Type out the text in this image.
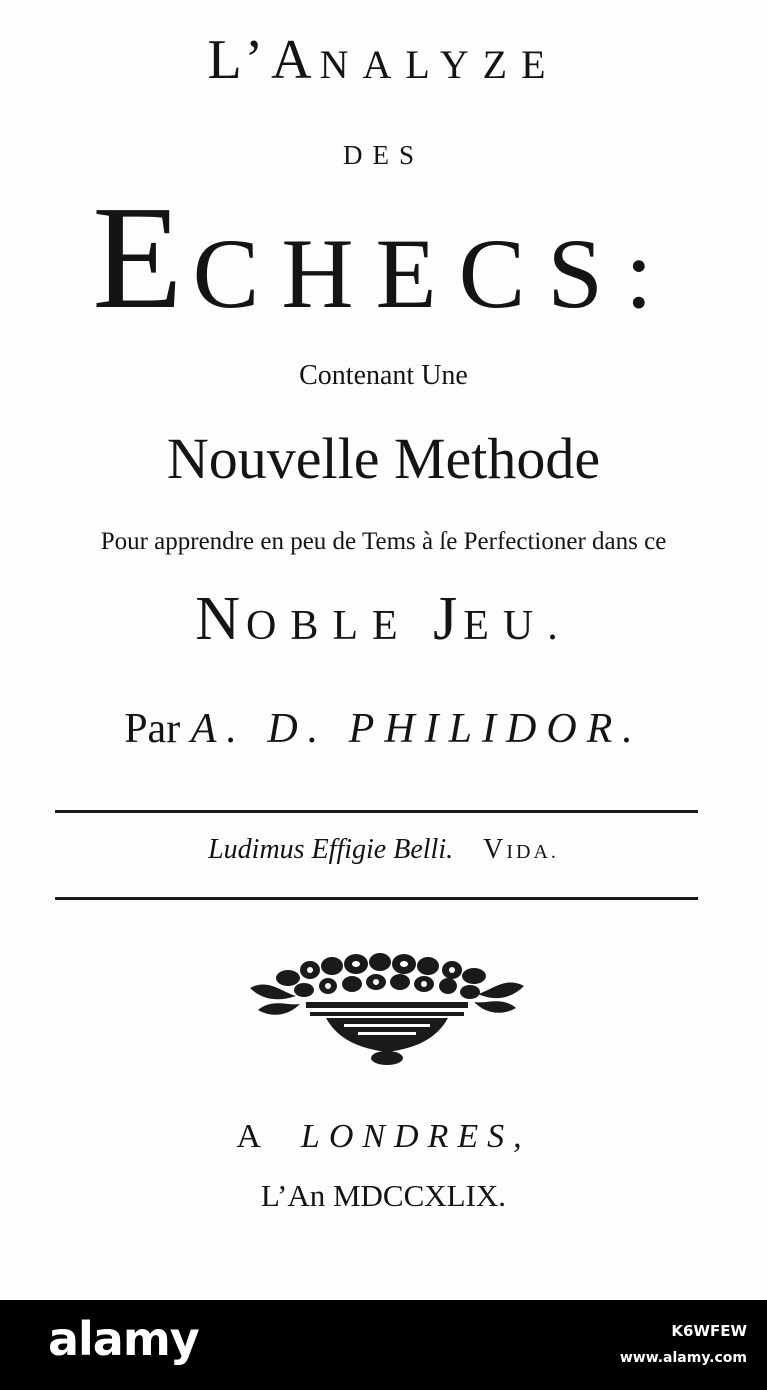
L’ANALYZE
DES
ECHECS:
Contenant Une
Nouvelle Methode
Pour apprendre en peu de Tems à ſe Perfectioner dans ce
NOBLE JEU.
Par A. D. PHILIDOR.
Ludimus Effigie Belli. VIDA.
A LONDRES,
L’An MDCCXLIX.
alamy	K6WFEW
www.alamy.com
